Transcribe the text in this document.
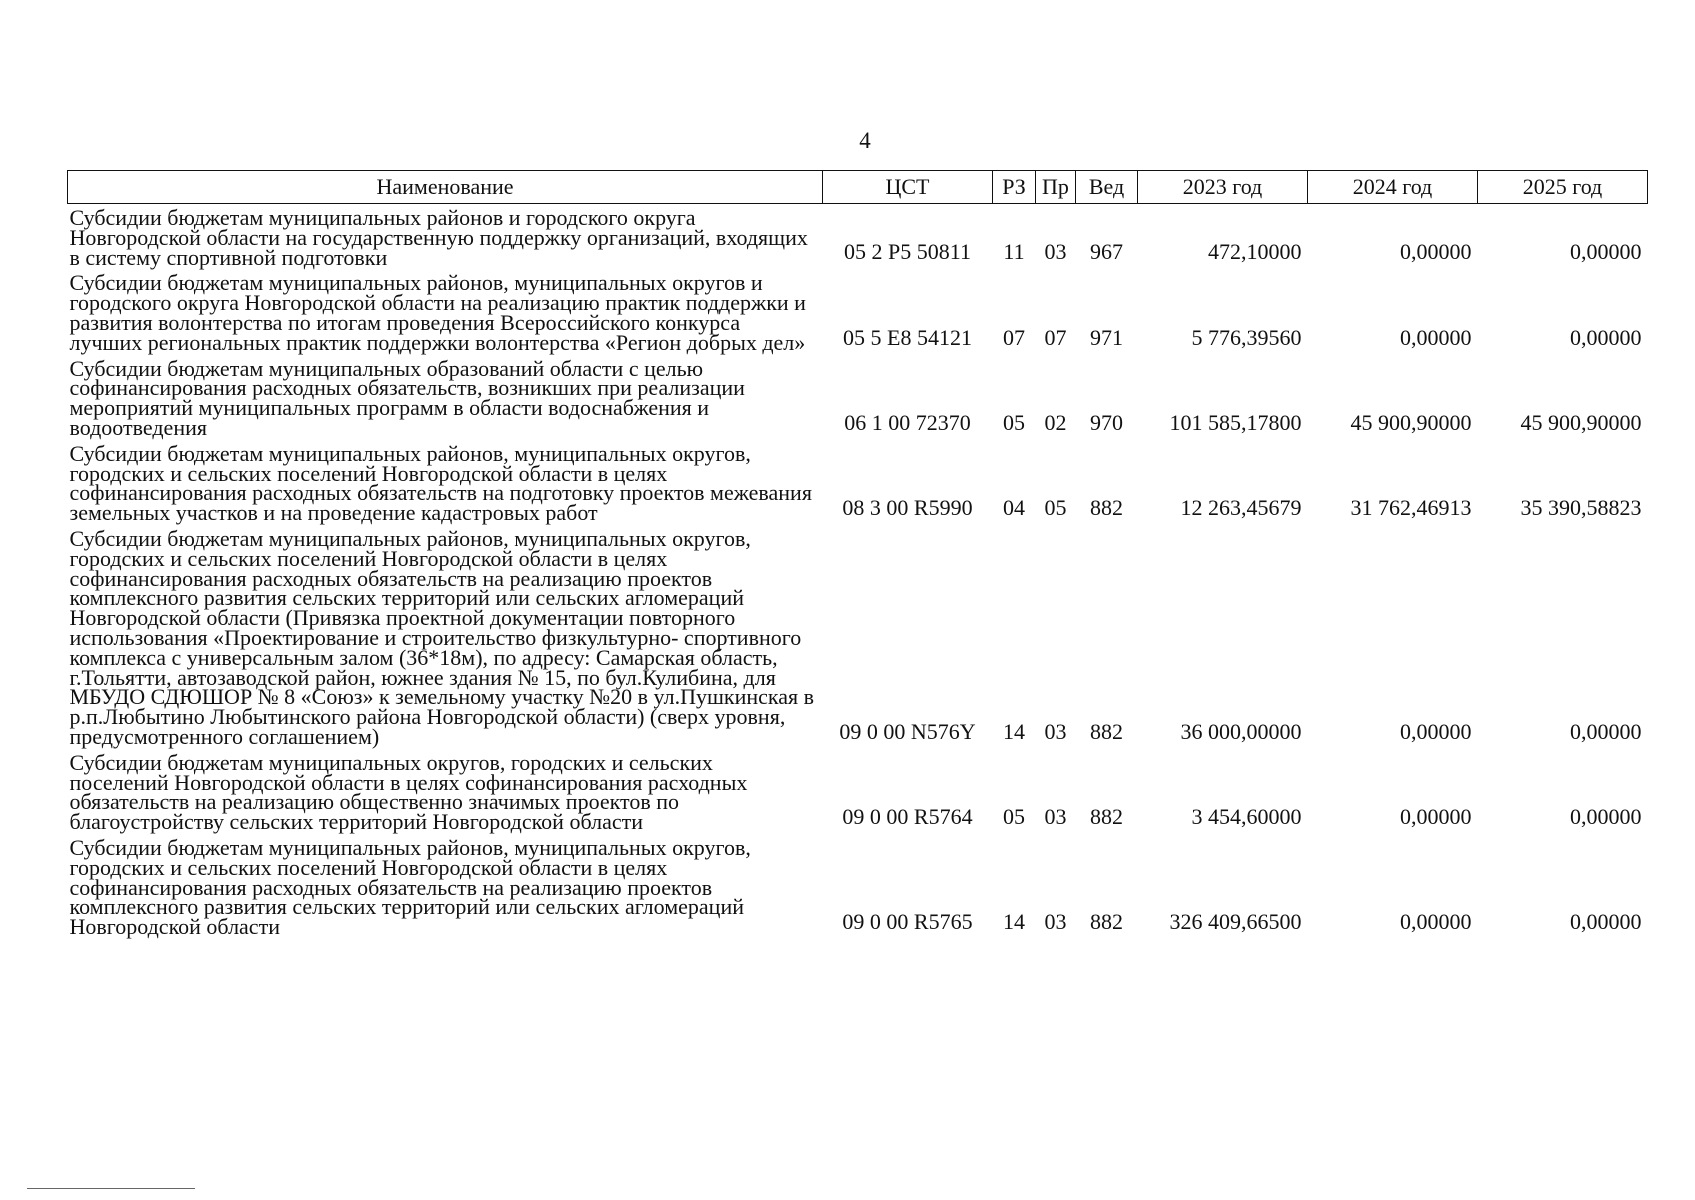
4
Наименование	ЦСТ	РЗ	Пр	Вед	2023 год	2024 год	2025 год
Субсидии бюджетам муниципальных районов и городского округа Новгородской области на государственную поддержку организаций, входящих в систему спортивной подготовки	05 2 P5 50811	11	03	967	472,10000	0,00000	0,00000
Субсидии бюджетам муниципальных районов, муниципальных округов и городского округа Новгородской области на реализацию практик поддержки и развития волонтерства по итогам проведения Всероссийского конкурса лучших региональных практик поддержки волонтерства «Регион добрых дел»	05 5 E8 54121	07	07	971	5 776,39560	0,00000	0,00000
Субсидии бюджетам муниципальных образований области с целью софинансирования расходных обязательств, возникших при реализации мероприятий муниципальных программ в области водоснабжения и водоотведения	06 1 00 72370	05	02	970	101 585,17800	45 900,90000	45 900,90000
Субсидии бюджетам муниципальных районов, муниципальных округов, городских и сельских поселений Новгородской области в целях софинансирования расходных обязательств на подготовку проектов межевания земельных участков и на проведение кадастровых работ	08 3 00 R5990	04	05	882	12 263,45679	31 762,46913	35 390,58823
Субсидии бюджетам муниципальных районов, муниципальных округов, городских и сельских поселений Новгородской области в целях софинансирования расходных обязательств на реализацию проектов комплексного развития сельских территорий или сельских агломераций Новгородской области (Привязка проектной документации повторного использования «Проектирование и строительство физкультурно- спортивного комплекса с универсальным залом (36*18м), по адресу: Самарская область, г.Тольятти, автозаводской район, южнее здания № 15, по бул.Кулибина, для МБУДО СДЮШОР № 8 «Союз» к земельному участку №20 в ул.Пушкинская в р.п.Любытино Любытинского района Новгородской области) (сверх уровня, предусмотренного соглашением)	09 0 00 N576Y	14	03	882	36 000,00000	0,00000	0,00000
Субсидии бюджетам муниципальных округов, городских и сельских поселений Новгородской области в целях софинансирования расходных обязательств на реализацию общественно значимых проектов по благоустройству сельских территорий Новгородской области	09 0 00 R5764	05	03	882	3 454,60000	0,00000	0,00000
Субсидии бюджетам муниципальных районов, муниципальных округов, городских и сельских поселений Новгородской области в целях софинансирования расходных обязательств на реализацию проектов комплексного развития сельских территорий или сельских агломераций Новгородской области	09 0 00 R5765	14	03	882	326 409,66500	0,00000	0,00000
